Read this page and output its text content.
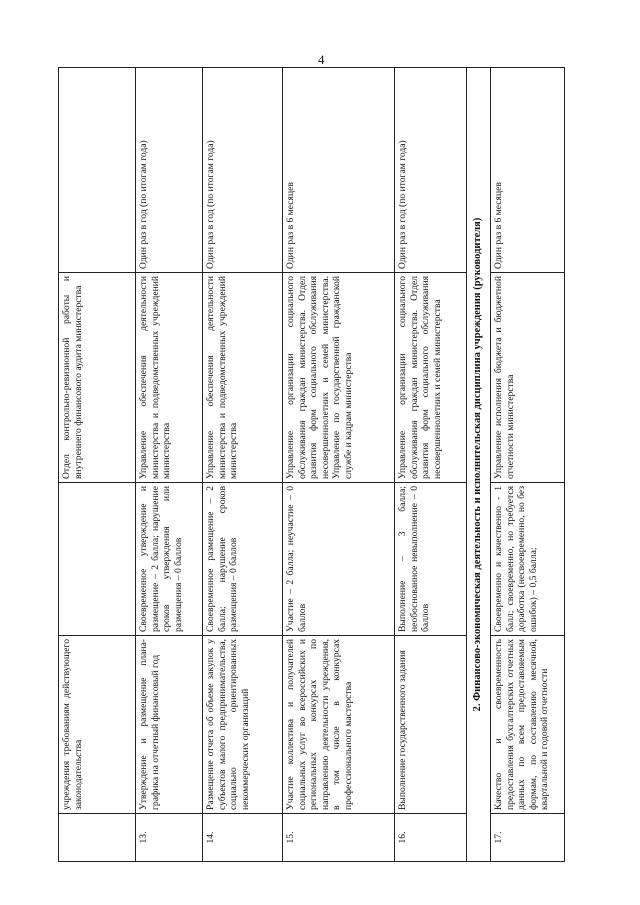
4
	учреждения требованиям действующего законодательства		Отдел контрольно-ревизионной работы и внутреннего финансового аудита министерства	
13.	Утверждение и размещение плана-графика на отчетный финансовый год	Своевременное утверждение и размещение – 2 балла; нарушение сроков утверждения или размещения – 0 баллов	Управление обеспечения деятельности министерства и подведомственных учреждений министерства	Один раз в год (по итогам года)
14.	Размещение отчета об объеме закупок у субъектов малого предпринимательства, социально ориентированных некоммерческих организаций	Своевременное размещение – 2 балла; нарушение сроков размещения – 0 баллов	Управление обеспечения деятельности министерства и подведомственных учреждений министерства	Один раз в год (по итогам года)
15.	Участие коллектива и получателей социальных услуг во всероссийских и региональных конкурсах по направлению деятельности учреждения, в том числе в конкурсах профессионального мастерства	Участие – 2 балла; неучастие – 0 баллов	Управление организации социального обслуживания граждан министерства. Отдел развития форм социального обслуживания несовершеннолетних и семей министерства. Управление по государственной гражданской службе и кадрам министерства	Один раз в 6 месяцев
16.	Выполнение государственного задания	Выполнение – 3 балла; необоснованное невыполнение – 0 баллов	Управление организации социального обслуживания граждан министерства. Отдел развития форм социального обслуживания несовершеннолетних и семей министерства	Один раз в год (по итогам года)
2. Финансово-экономическая деятельность и исполнительская дисциплина учреждения (руководителя)				
17.	Качество и своевременность предоставления бухгалтерских отчетных данных по всем предоставляемым формам, по составлению месячной, квартальной и годовой отчетности	Своевременно и качественно - 1 балл; своевременно, но требуется доработка (несвоевременно, но без ошибок) – 0,5 балла;	Управление исполнения бюджета и бюджетной отчетности министерства	Один раз в 6 месяцев
